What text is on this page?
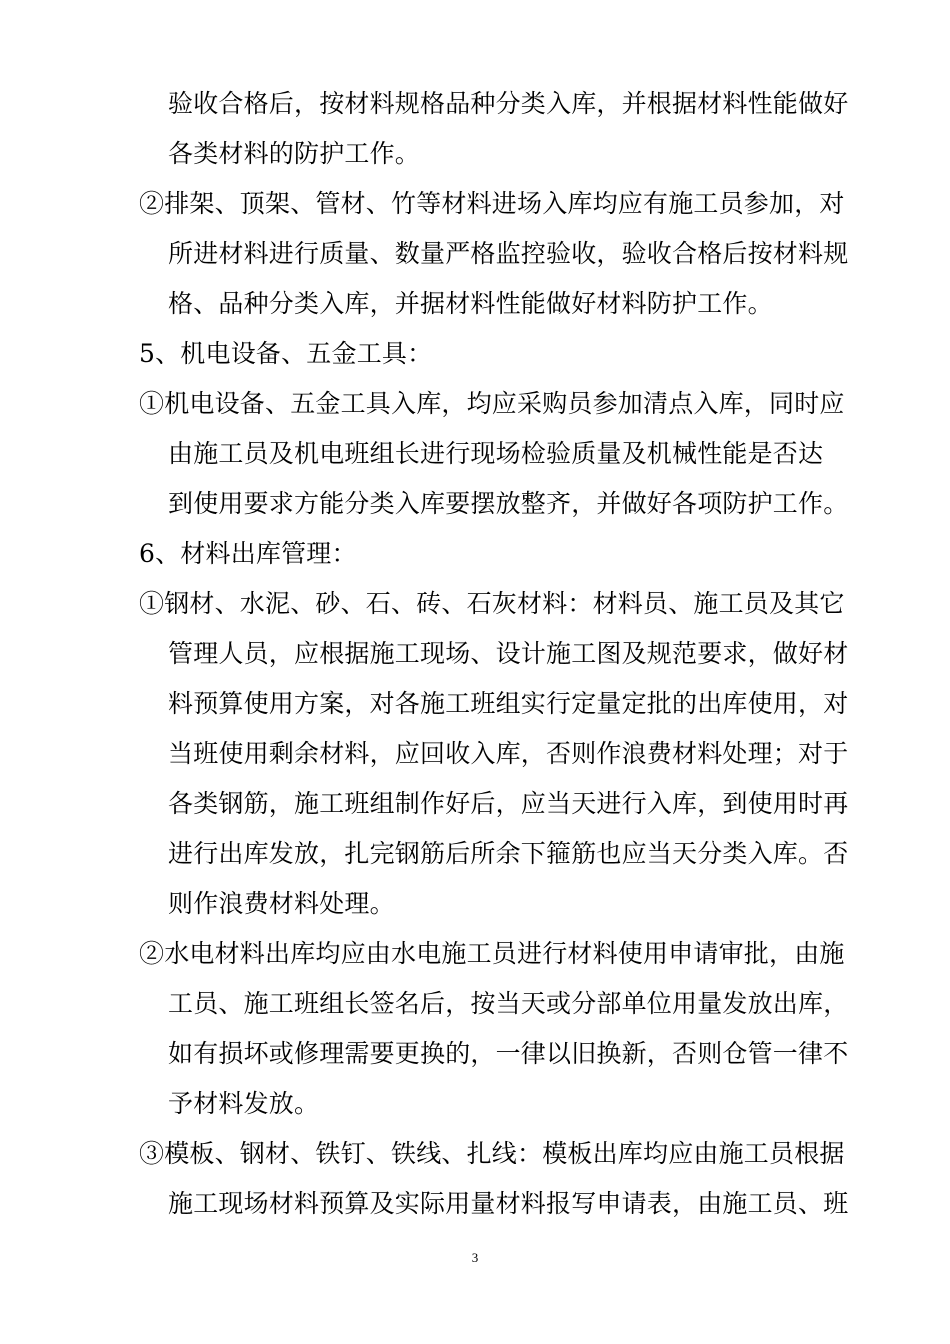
验收合格后，按材料规格品种分类入库，并根据材料性能做好
各类材料的防护工作。
②排架、顶架、管材、竹等材料进场入库均应有施工员参加，对
所进材料进行质量、数量严格监控验收，验收合格后按材料规
格、品种分类入库，并据材料性能做好材料防护工作。
5、机电设备、五金工具：
①机电设备、五金工具入库，均应采购员参加清点入库，同时应
由施工员及机电班组长进行现场检验质量及机械性能是否达
到使用要求方能分类入库要摆放整齐，并做好各项防护工作。
6、材料出库管理：
①钢材、水泥、砂、石、砖、石灰材料：材料员、施工员及其它
管理人员，应根据施工现场、设计施工图及规范要求，做好材
料预算使用方案，对各施工班组实行定量定批的出库使用，对
当班使用剩余材料，应回收入库，否则作浪费材料处理；对于
各类钢筋，施工班组制作好后，应当天进行入库，到使用时再
进行出库发放，扎完钢筋后所余下箍筋也应当天分类入库。否
则作浪费材料处理。
②水电材料出库均应由水电施工员进行材料使用申请审批，由施
工员、施工班组长签名后，按当天或分部单位用量发放出库，
如有损坏或修理需要更换的，一律以旧换新，否则仓管一律不
予材料发放。
③模板、钢材、铁钉、铁线、扎线：模板出库均应由施工员根据
施工现场材料预算及实际用量材料报写申请表，由施工员、班
3
